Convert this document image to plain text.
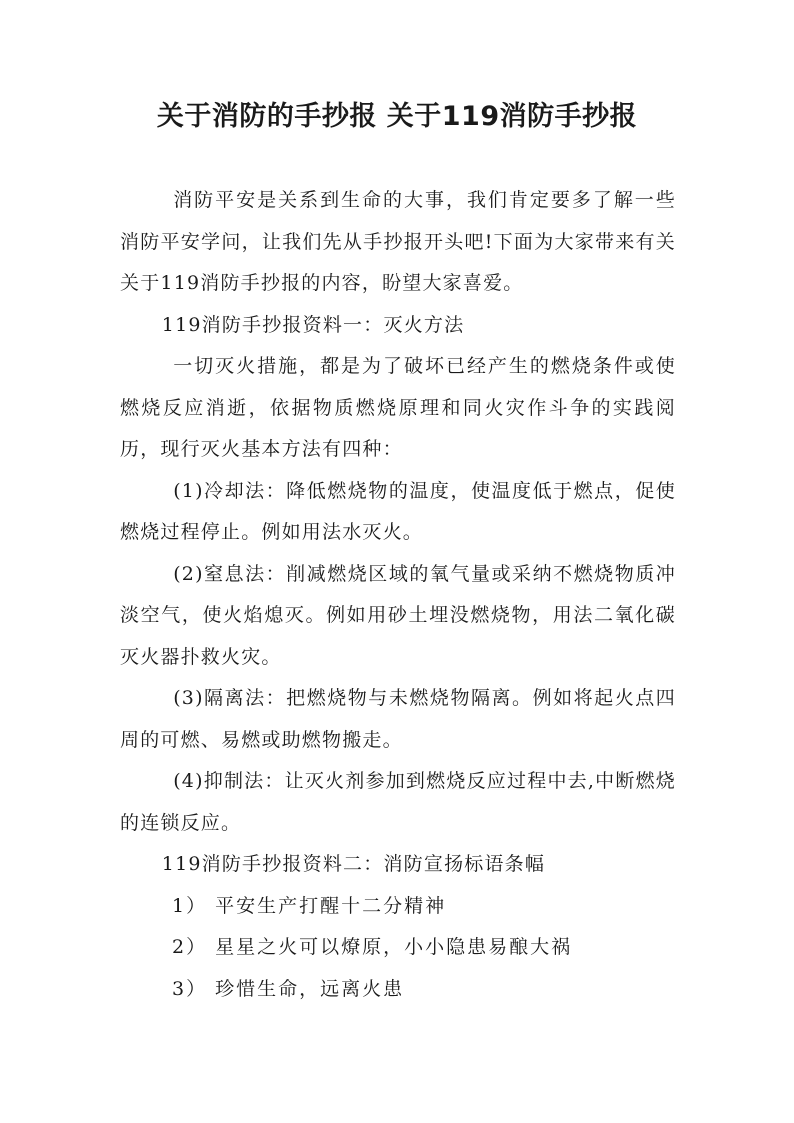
关于消防的手抄报 关于119消防手抄报

消防平安是关系到生命的大事，我们肯定要多了解一些消防平安学问，让我们先从手抄报开头吧!下面为大家带来有关关于119消防手抄报的内容，盼望大家喜爱。

119消防手抄报资料一：灭火方法

一切灭火措施，都是为了破坏已经产生的燃烧条件或使燃烧反应消逝，依据物质燃烧原理和同火灾作斗争的实践阅历，现行灭火基本方法有四种：

(1)冷却法：降低燃烧物的温度，使温度低于燃点，促使燃烧过程停止。例如用法水灭火。

(2)窒息法：削减燃烧区域的氧气量或采纳不燃烧物质冲淡空气，使火焰熄灭。例如用砂土埋没燃烧物，用法二氧化碳灭火器扑救火灾。

(3)隔离法：把燃烧物与未燃烧物隔离。例如将起火点四周的可燃、易燃或助燃物搬走。

(4)抑制法：让灭火剂参加到燃烧反应过程中去,中断燃烧的连锁反应。

119消防手抄报资料二：消防宣扬标语条幅

1） 平安生产打醒十二分精神

2） 星星之火可以燎原，小小隐患易酿大祸

3） 珍惜生命，远离火患
